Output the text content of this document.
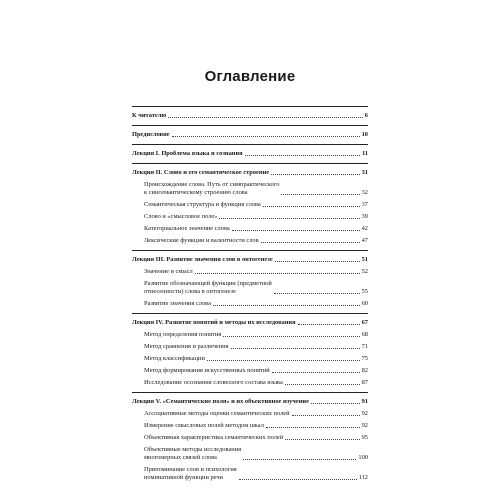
Оглавление
К читателю	6
Предисловие	10
Лекция I. Проблема языка и сознания	11
Лекция II. Слово и его семантическое строение	31
Происхождение слова. Путь от симпрактического
к синсемантическому строению слова	32
Семантическая структура и функция слова	37
Слово и «смысловое поле»	39
Категориальное значение слова	42
Лексические функции и валентности слов	47
Лекция III. Развитие значения слов в онтогенезе	51
Значение и смысл	52
Развитие обозначающей функции (предметной
отнесенности) слова в онтогенезе	55
Развитие значения слова	60
Лекция IV. Развитие понятий и методы их исследования	67
Метод определения понятия	68
Метод сравнения и различения	71
Метод классификации	75
Метод формирования искусственных понятий	82
Исследование осознания словесного состава языка	87
Лекция V. «Семантические поля» и их объективное изучение	91
Ассоциативные методы оценки семантических полей	92
Измерение смысловых полей методом шкал	92
Объективная характеристика семантических полей	95
Объективные методы исследования
многомерных связей слова	100
Припоминание слов и психология
номинативной функции речи	112
